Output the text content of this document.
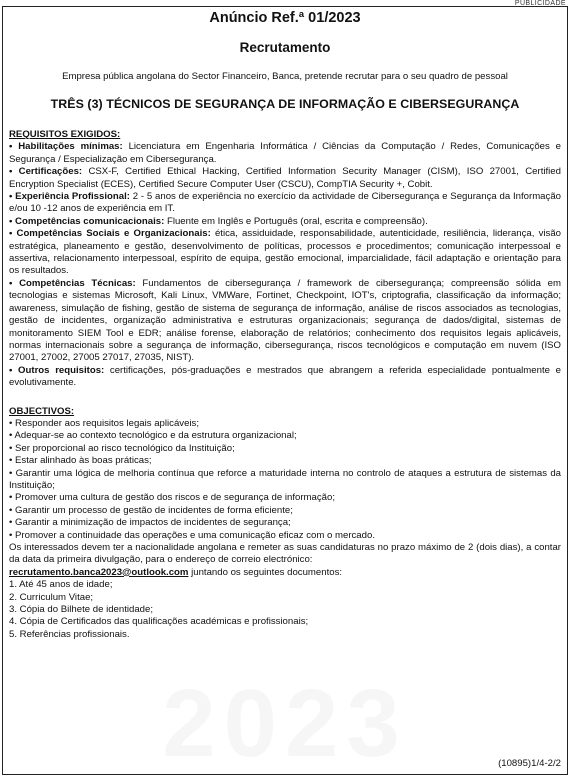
PUBLICIDADE
Anúncio Ref.ª 01/2023
Recrutamento
Empresa pública angolana do Sector Financeiro, Banca, pretende recrutar para o seu quadro de pessoal
TRÊS (3) TÉCNICOS DE SEGURANÇA DE INFORMAÇÃO E CIBERSEGURANÇA
REQUISITOS EXIGIDOS:

• Habilitações mínimas: Licenciatura em Engenharia Informática / Ciências da Computação / Redes, Comunicações e Segurança / Especialização em Cibersegurança.

• Certificações: CSX-F, Certified Ethical Hacking, Certified Information Security Manager (CISM), ISO 27001, Certified Encryption Specialist (ECES), Certified Secure Computer User (CSCU), CompTIA Security +, Cobit.

• Experiência Profissional: 2 - 5 anos de experiência no exercício da actividade de Cibersegurança e Segurança da Informação e/ou 10 -12 anos de experiência em IT.

• Competências comunicacionais: Fluente em Inglês e Português (oral, escrita e compreensão).

• Competências Sociais e Organizacionais: ética, assiduidade, responsabilidade, autenticidade, resiliência, liderança, visão estratégica, planeamento e gestão, desenvolvimento de políticas, processos e procedimentos; comunicação interpessoal e assertiva, relacionamento interpessoal, espírito de equipa, gestão emocional, imparcialidade, fácil adaptação e orientação para os resultados.

• Competências Técnicas: Fundamentos de cibersegurança / framework de cibersegurança; compreensão sólida em tecnologias e sistemas Microsoft, Kali Linux, VMWare, Fortinet, Checkpoint, IOT's, criptografia, classificação da informação; awareness, simulação de fishing, gestão de sistema de segurança de informação, análise de riscos associados as tecnologias, gestão de incidentes, organização administrativa e estruturas organizacionais; segurança de dados/digital, sistemas de monitoramento SIEM Tool e EDR; análise forense, elaboração de relatórios; conhecimento dos requisitos legais aplicáveis, normas internacionais sobre a segurança de informação, cibersegurança, riscos tecnológicos e computação em nuvem (ISO 27001, 27002, 27005 27017, 27035, NIST).

• Outros requisitos: certificações, pós-graduações e mestrados que abrangem a referida especialidade pontualmente e evolutivamente.

OBJECTIVOS:

• Responder aos requisitos legais aplicáveis;

• Adequar-se ao contexto tecnológico e da estrutura organizacional;

• Ser proporcional ao risco tecnológico da Instituição;

• Estar alinhado às boas práticas;

• Garantir uma lógica de melhoria contínua que reforce a maturidade interna no controlo de ataques a estrutura de sistemas da Instituição;

• Promover uma cultura de gestão dos riscos e de segurança de informação;

• Garantir um processo de gestão de incidentes de forma eficiente;

• Garantir a minimização de impactos de incidentes de segurança;

• Promover a continuidade das operações e uma comunicação eficaz com o mercado.

Os interessados devem ter a nacionalidade angolana e remeter as suas candidaturas no prazo máximo de 2 (dois dias), a contar da data da primeira divulgação, para o endereço de correio electrónico:

recrutamento.banca2023@outlook.com juntando os seguintes documentos:

1. Até 45 anos de idade;

2. Curriculum Vitae;

3. Cópia do Bilhete de identidade;

4. Cópia de Certificados das qualificações académicas e profissionais;

5. Referências profissionais.

(10895)1/4-2/2
